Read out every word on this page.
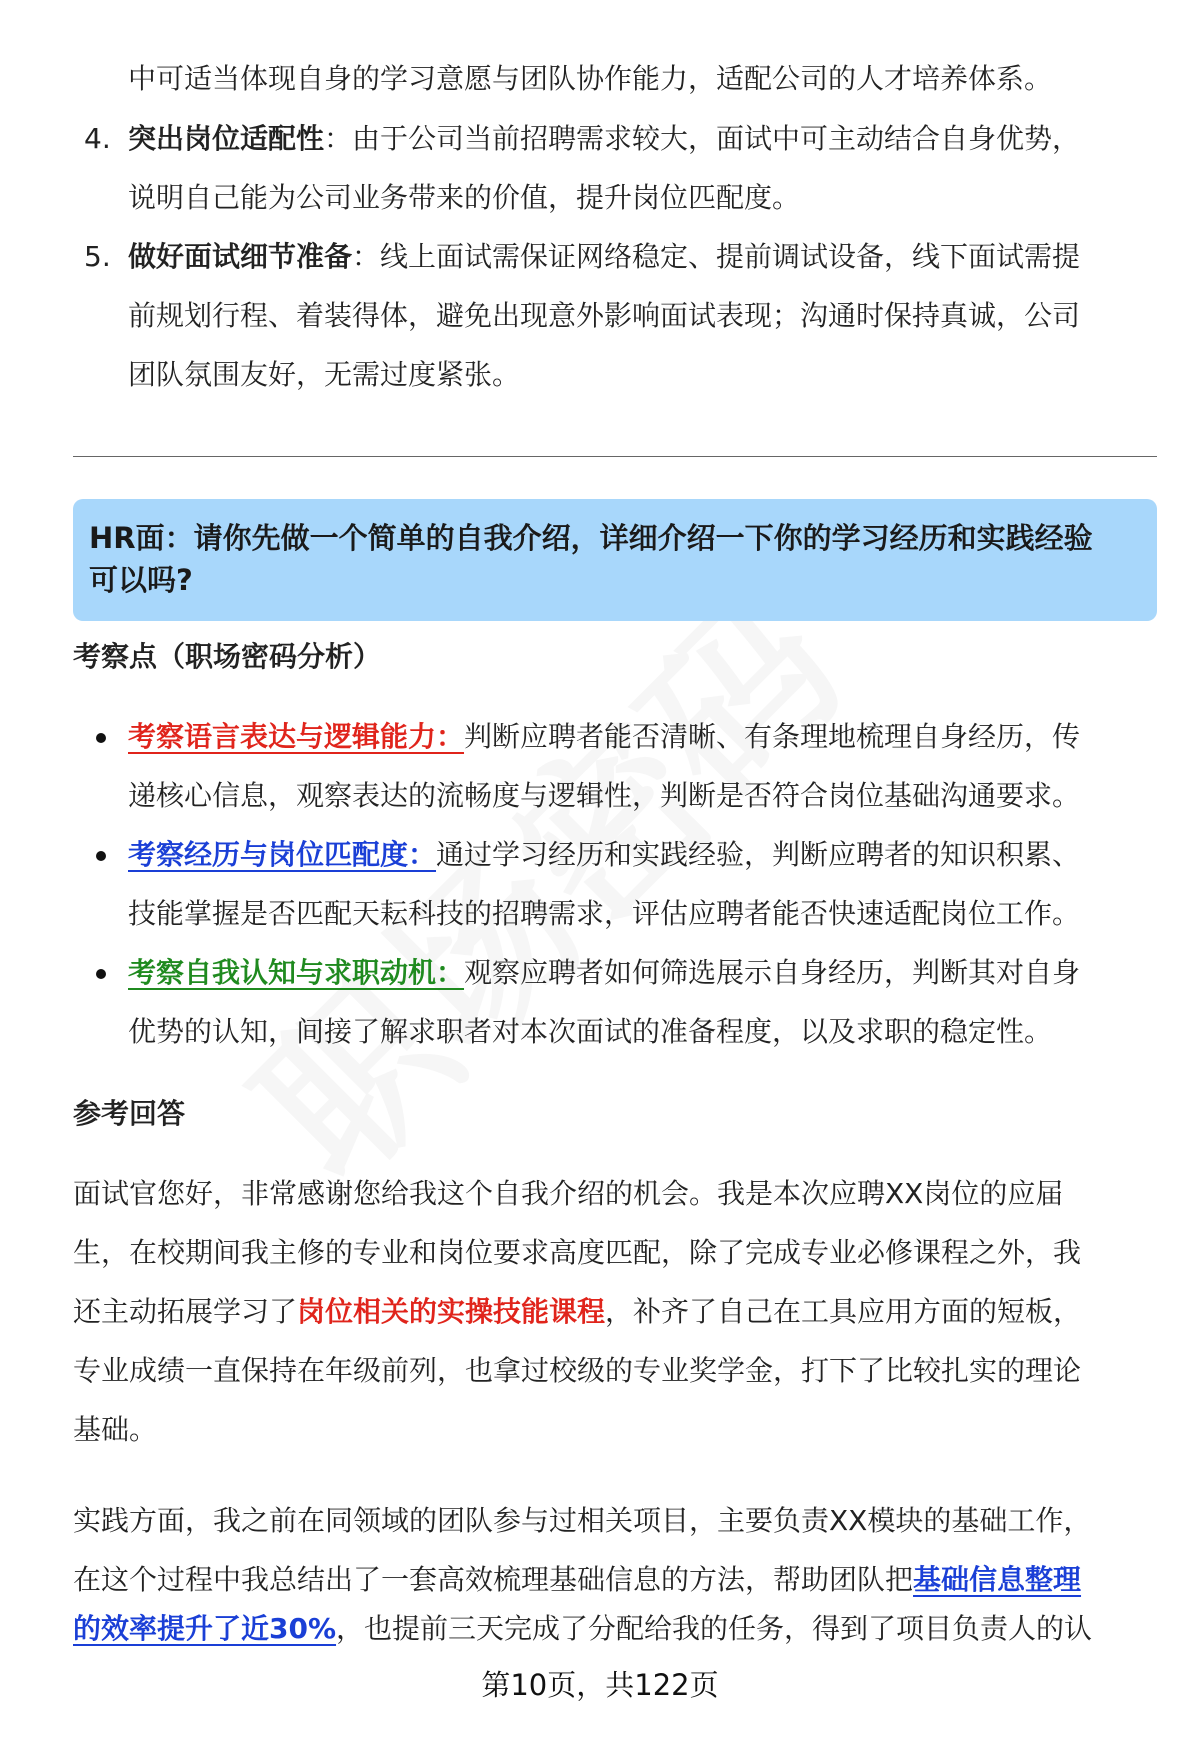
中可适当体现自身的学习意愿与团队协作能力，适配公司的人才培养体系。

4. 突出岗位适配性：由于公司当前招聘需求较大，面试中可主动结合自身优势，

说明自己能为公司业务带来的价值，提升岗位匹配度。

5. 做好面试细节准备：线上面试需保证网络稳定、提前调试设备，线下面试需提

前规划行程、着装得体，避免出现意外影响面试表现；沟通时保持真诚，公司

团队氛围友好，无需过度紧张。

HR面：请你先做一个简单的自我介绍，详细介绍一下你的学习经历和实践经验
可以吗?
考察点（职场密码分析）

考察语言表达与逻辑能力：判断应聘者能否清晰、有条理地梳理自身经历，传

递核心信息，观察表达的流畅度与逻辑性，判断是否符合岗位基础沟通要求。

考察经历与岗位匹配度：通过学习经历和实践经验，判断应聘者的知识积累、

技能掌握是否匹配天耘科技的招聘需求，评估应聘者能否快速适配岗位工作。

考察自我认知与求职动机：观察应聘者如何筛选展示自身经历，判断其对自身

优势的认知，间接了解求职者对本次面试的准备程度，以及求职的稳定性。

参考回答

面试官您好，非常感谢您给我这个自我介绍的机会。我是本次应聘XX岗位的应届

生，在校期间我主修的专业和岗位要求高度匹配，除了完成专业必修课程之外，我

还主动拓展学习了岗位相关的实操技能课程，补齐了自己在工具应用方面的短板，

专业成绩一直保持在年级前列，也拿过校级的专业奖学金，打下了比较扎实的理论

基础。

实践方面，我之前在同领域的团队参与过相关项目，主要负责XX模块的基础工作，

在这个过程中我总结出了一套高效梳理基础信息的方法，帮助团队把基础信息整理

的效率提升了近30%，也提前三天完成了分配给我的任务，得到了项目负责人的认

第10页，共122页
